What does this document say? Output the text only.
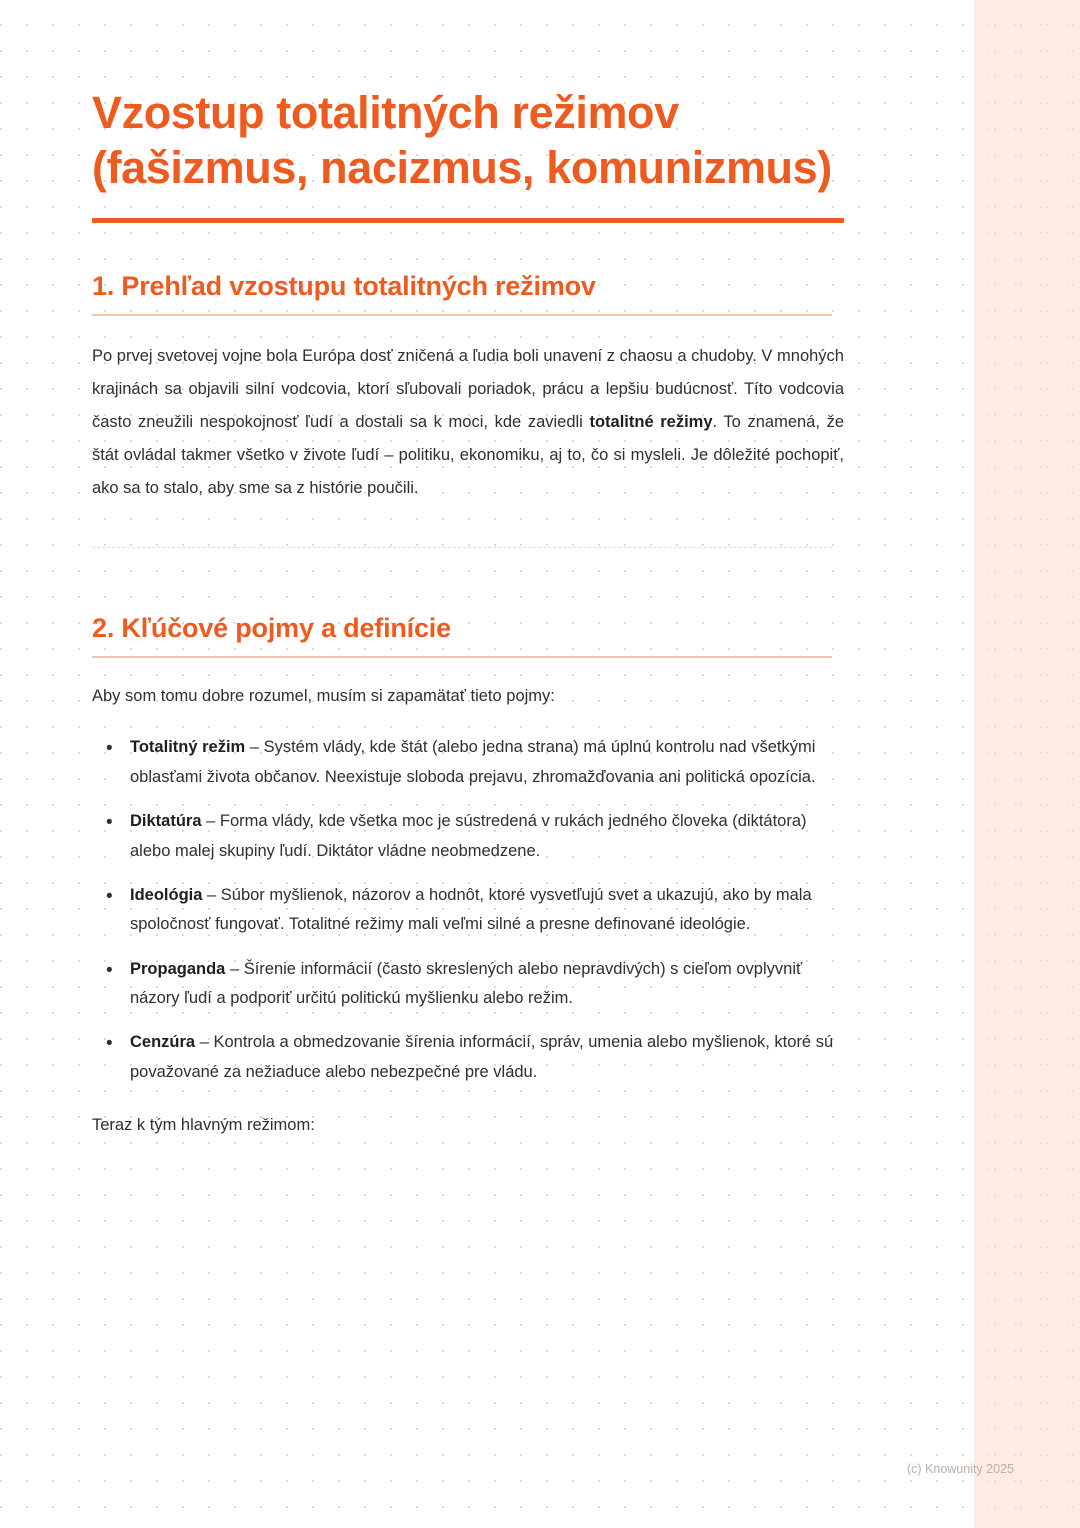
Vzostup totalitných režimov (fašizmus, nacizmus, komunizmus)
1. Prehľad vzostupu totalitných režimov

Po prvej svetovej vojne bola Európa dosť zničená a ľudia boli unavení z chaosu a chudoby. V mnohých krajinách sa objavili silní vodcovia, ktorí sľubovali poriadok, prácu a lepšiu budúcnosť. Títo vodcovia často zneužili nespokojnosť ľudí a dostali sa k moci, kde zaviedli totalitné režimy. To znamená, že štát ovládal takmer všetko v živote ľudí – politiku, ekonomiku, aj to, čo si mysleli. Je dôležité pochopiť, ako sa to stalo, aby sme sa z histórie poučili.

2. Kľúčové pojmy a definície

Aby som tomu dobre rozumel, musím si zapamätať tieto pojmy:

• Totalitný režim – Systém vlády, kde štát (alebo jedna strana) má úplnú kontrolu nad všetkými oblasťami života občanov. Neexistuje sloboda prejavu, zhromažďovania ani politická opozícia.
• Diktatúra – Forma vlády, kde všetka moc je sústredená v rukách jedného človeka (diktátora) alebo malej skupiny ľudí. Diktátor vládne neobmedzene.
• Ideológia – Súbor myšlienok, názorov a hodnôt, ktoré vysvetľujú svet a ukazujú, ako by mala spoločnosť fungovať. Totalitné režimy mali veľmi silné a presne definované ideológie.
• Propaganda – Šírenie informácií (často skreslených alebo nepravdivých) s cieľom ovplyvniť názory ľudí a podporiť určitú politickú myšlienku alebo režim.
• Cenzúra – Kontrola a obmedzovanie šírenia informácií, správ, umenia alebo myšlienok, ktoré sú považované za nežiaduce alebo nebezpečné pre vládu.

Teraz k tým hlavným režimom:

(c) Knowunity 2025
